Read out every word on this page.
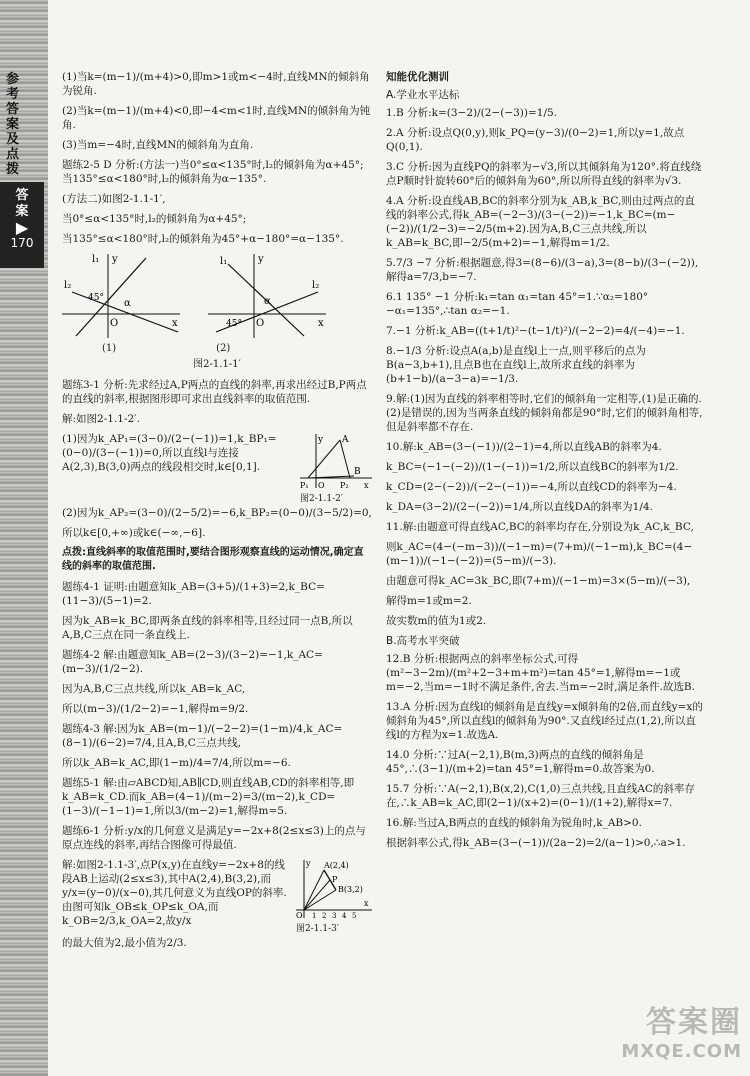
参考答案及点拨
答案
▶
170

(1)当k=(m−1)/(m+4)>0,即m>1或m<−4时,直线MN的倾斜角为锐角.

(2)当k=(m−1)/(m+4)<0,即−4<m<1时,直线MN的倾斜角为钝角.

(3)当m=−4时,直线MN的倾斜角为直角.

题练2-5 D 分析:(方法一)当0°≤α<135°时,l₂的倾斜角为α+45°;当135°≤α<180°时,l₂的倾斜角为α−135°.

(方法二)如图2-1.1-1′,

当0°≤α<135°时,l₂的倾斜角为α+45°;

当135°≤α<180°时,l₂的倾斜角为45°+α−180°=α−135°.

l₁
l₂
45° α
O	x
y	l₁
l₂
45°
α
O	x
y
(1)	(2)

图2-1.1-1′

题练3-1 分析:先求经过A,P两点的直线的斜率,再求出经过B,P两点的直线的斜率,根据图形即可求出直线斜率的取值范围.

解:如图2-1.1-2′.

(1)因为k_AP₁=(3−0)/(2−(−1))=1,k_BP₁=(0−0)/(3−(−1))=0,所以直线l与连接A(2,3),B(3,0)两点的线段相交时,k∈[0,1].

y A
B
P₁	P₂
O	x
图2-1.1-2′

(2)因为k_AP₂=(3−0)/(2−5/2)=−6,k_BP₂=(0−0)/(3−5/2)=0,

所以k∈[0,+∞)或k∈(−∞,−6].

点拨:直线斜率的取值范围时,要结合图形观察直线的运动情况,确定直线的斜率的取值范围.

题练4-1 证明:由题意知k_AB=(3+5)/(1+3)=2,k_BC=(11−3)/(5−1)=2.

因为k_AB=k_BC,即两条直线的斜率相等,且经过同一点B,所以A,B,C三点在同一条直线上.

题练4-2 解:由题意知k_AB=(2−3)/(3−2)=−1,k_AC=(m−3)/(1/2−2).

因为A,B,C三点共线,所以k_AB=k_AC,

所以(m−3)/(1/2−2)=−1,解得m=9/2.

题练4-3 解:因为k_AB=(m−1)/(−2−2)=(1−m)/4,k_AC=(8−1)/(6−2)=7/4,且A,B,C三点共线,

所以k_AB=k_AC,即(1−m)/4=7/4,所以m=−6.

题练5-1 解:由▱ABCD知,AB∥CD,则直线AB,CD的斜率相等,即k_AB=k_CD.而k_AB=(4−1)/(m−2)=3/(m−2),k_CD=(1−3)/(−1−1)=1,所以3/(m−2)=1,解得m=5.

题练6-1 分析:y/x的几何意义是满足y=−2x+8(2≤x≤3)上的点与原点连线的斜率,再结合图像可得最值.

解:如图2-1.1-3′,点P(x,y)在直线y=−2x+8的线段AB上运动(2≤x≤3),其中A(2,4),B(3,2),而y/x=(y−0)/(x−0),其几何意义为直线OP的斜率.由图可知k_OB≤k_OP≤k_OA,而k_OB=2/3,k_OA=2,故y/x

A(2,4)
B(3,2)
P
O
x
y
1 2 3 4 5
图2-1.1-3′

的最大值为2,最小值为2/3.

知能优化测训

A.学业水平达标

1.B 分析:k=(3−2)/(2−(−3))=1/5.

2.A 分析:设点Q(0,y),则k_PQ=(y−3)/(0−2)=1,所以y=1,故点Q(0,1).

3.C 分析:因为直线PQ的斜率为−√3,所以其倾斜角为120°.将直线绕点P顺时针旋转60°后的倾斜角为60°,所以所得直线的斜率为√3.

4.A 分析:设直线AB,BC的斜率分别为k_AB,k_BC,则由过两点的直线的斜率公式,得k_AB=(−2−3)/(3−(−2))=−1,k_BC=(m−(−2))/(1/2−3)=−2/5(m+2).因为A,B,C三点共线,所以k_AB=k_BC,即−2/5(m+2)=−1,解得m=1/2.

5.7/3 −7 分析:根据题意,得3=(8−6)/(3−a),3=(8−b)/(3−(−2)),解得a=7/3,b=−7.

6.1 135° −1 分析:k₁=tan α₁=tan 45°=1.∵α₂=180°−α₁=135°,∴tan α₂=−1.

7.−1 分析:k_AB=((t+1/t)²−(t−1/t)²)/(−2−2)=4/(−4)=−1.

8.−1/3 分析:设点A(a,b)是直线l上一点,则平移后的点为B(a−3,b+1),且点B也在直线l上,故所求直线的斜率为(b+1−b)/(a−3−a)=−1/3.

9.解:(1)因为直线的斜率相等时,它们的倾斜角一定相等,(1)是正确的.(2)是错误的,因为当两条直线的倾斜角都是90°时,它们的倾斜角相等,但是斜率都不存在.

10.解:k_AB=(3−(−1))/(2−1)=4,所以直线AB的斜率为4.

k_BC=(−1−(−2))/(1−(−1))=1/2,所以直线BC的斜率为1/2.

k_CD=(2−(−2))/(−2−(−1))=−4,所以直线CD的斜率为−4.

k_DA=(3−2)/(2−(−2))=1/4,所以直线DA的斜率为1/4.

11.解:由题意可得直线AC,BC的斜率均存在,分别设为k_AC,k_BC,

则k_AC=(4−(−m−3))/(−1−m)=(7+m)/(−1−m),k_BC=(4−(m−1))/(−1−(−2))=(5−m)/(−3).

由题意可得k_AC=3k_BC,即(7+m)/(−1−m)=3×(5−m)/(−3),

解得m=1或m=2.

故实数m的值为1或2.

B.高考水平突破

12.B 分析:根据两点的斜率坐标公式,可得(m²−3−2m)/(m²+2−3+m+m²)=tan 45°=1,解得m=−1或m=−2,当m=−1时不满足条件,舍去.当m=−2时,满足条件.故选B.

13.A 分析:因为直线l的倾斜角是直线y=x倾斜角的2倍,而直线y=x的倾斜角为45°,所以直线l的倾斜角为90°.又直线l经过点(1,2),所以直线l的方程为x=1.故选A.

14.0 分析:∵过A(−2,1),B(m,3)两点的直线的倾斜角是45°,∴(3−1)/(m+2)=tan 45°=1,解得m=0.故答案为0.

15.7 分析:∵A(−2,1),B(x,2),C(1,0)三点共线,且直线AC的斜率存在,∴k_AB=k_AC,即(2−1)/(x+2)=(0−1)/(1+2),解得x=7.

16.解:当过A,B两点的直线的倾斜角为锐角时,k_AB>0.

根据斜率公式,得k_AB=(3−(−1))/(2a−2)=2/(a−1)>0,∴a>1.

答案圈
MXQE.COM
